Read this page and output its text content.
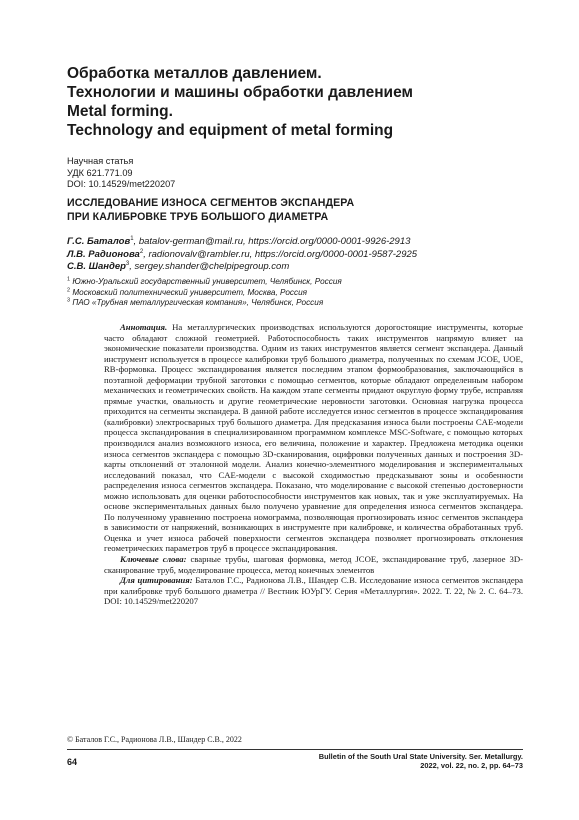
Обработка металлов давлением.
Технологии и машины обработки давлением
Metal forming.
Technology and equipment of metal forming
Научная статья
УДК 621.771.09
DOI: 10.14529/met220207
ИССЛЕДОВАНИЕ ИЗНОСА СЕГМЕНТОВ ЭКСПАНДЕРА
ПРИ КАЛИБРОВКЕ ТРУБ БОЛЬШОГО ДИАМЕТРА
Г.С. Баталов$^1$, batalov-german@mail.ru, https://orcid.org/0000-0001-9926-2913
Л.В. Радионова$^2$, radionovalv@rambler.ru, https://orcid.org/0000-0001-9587-2925
С.В. Шандер$^3$, sergey.shander@chelpipegroup.com
$^1$ Южно-Уральский государственный университет, Челябинск, Россия
$^2$ Московский политехнический университет, Москва, Россия
$^3$ ПАО «Трубная металлургическая компания», Челябинск, Россия

Аннотация. На металлургических производствах используются дорогостоящие инструменты, которые часто обладают сложной геометрией. Работоспособность таких инструментов напрямую влияет на экономические показатели производства. Одним из таких инструментов является сегмент экспандера. Данный инструмент используется в процессе калибровки труб большого диаметра, полученных по схемам JCOE, UOE, RB-формовка. Процесс экспандирования является последним этапом формообразования, заключающийся в поэтапной деформации трубной заготовки с помощью сегментов, которые обладают определенным набором механических и геометрических свойств. На каждом этапе сегменты придают округлую форму трубе, исправляя прямые участки, овальность и другие геометрические неровности заготовки. Основная нагрузка процесса приходится на сегменты экспандера. В данной работе исследуется износ сегментов в процессе экспандирования (калибровки) электросварных труб большого диаметра. Для предсказания износа были построены CAE-модели процесса экспандирования в специализированном программном комплексе MSC-Software, с помощью которых производился анализ возможного износа, его величина, положение и характер. Предложена методика оценки износа сегментов экспандера с помощью 3D-сканирования, оцифровки полученных данных и построения 3D-карты отклонений от эталонной модели. Анализ конечно-элементного моделирования и экспериментальных исследований показал, что CAE-модели с высокой сходимостью предсказывают зоны и особенности распределения износа сегментов экспандера. Показано, что моделирование с высокой степенью достоверности можно использовать для оценки работоспособности инструментов как новых, так и уже эксплуатируемых. На основе экспериментальных данных было получено уравнение для определения износа сегментов экспандера. По полученному уравнению построена номограмма, позволяющая прогнозировать износ сегментов экспандера в зависимости от напряжений, возникающих в инструменте при калибровке, и количества обработанных труб. Оценка и учет износа рабочей поверхности сегментов экспандера позволяет прогнозировать отклонения геометрических параметров труб в процессе экспандирования.

Ключевые слова: сварные трубы, шаговая формовка, метод JCOE, экспандирование труб, лазерное 3D-сканирование труб, моделирование процесса, метод конечных элементов

Для цитирования: Баталов Г.С., Радионова Л.В., Шандер С.В. Исследование износа сегментов экспандера при калибровке труб большого диаметра // Вестник ЮУрГУ. Серия «Металлургия». 2022. Т. 22, № 2. С. 64–73. DOI: 10.14529/met220207

© Баталов Г.С., Радионова Л.В., Шандер С.В., 2022
64
Bulletin of the South Ural State University. Ser. Metallurgy.
2022, vol. 22, no. 2, pp. 64–73
